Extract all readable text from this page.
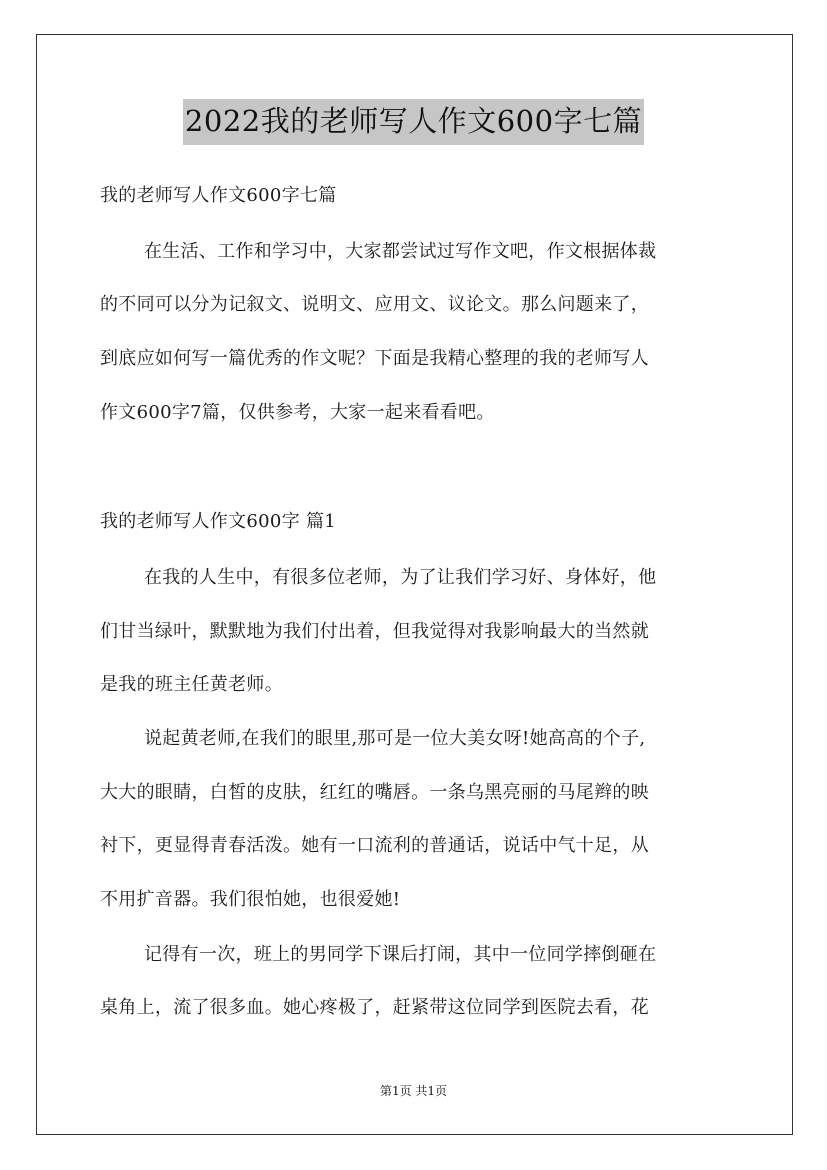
2022我的老师写人作文600字七篇
我的老师写人作文600字七篇
在生活、工作和学习中，大家都尝试过写作文吧，作文根据体裁
的不同可以分为记叙文、说明文、应用文、议论文。那么问题来了，
到底应如何写一篇优秀的作文呢？下面是我精心整理的我的老师写人
作文600字7篇，仅供参考，大家一起来看看吧。
我的老师写人作文600字 篇1
在我的人生中，有很多位老师，为了让我们学习好、身体好，他
们甘当绿叶，默默地为我们付出着，但我觉得对我影响最大的当然就
是我的班主任黄老师。
说起黄老师,在我们的眼里,那可是一位大美女呀!她高高的个子,
大大的眼睛，白皙的皮肤，红红的嘴唇。一条乌黑亮丽的马尾辫的映
衬下，更显得青春活泼。她有一口流利的普通话，说话中气十足，从
不用扩音器。我们很怕她，也很爱她!
记得有一次，班上的男同学下课后打闹，其中一位同学摔倒砸在
桌角上，流了很多血。她心疼极了，赶紧带这位同学到医院去看，花
第1页 共1页
